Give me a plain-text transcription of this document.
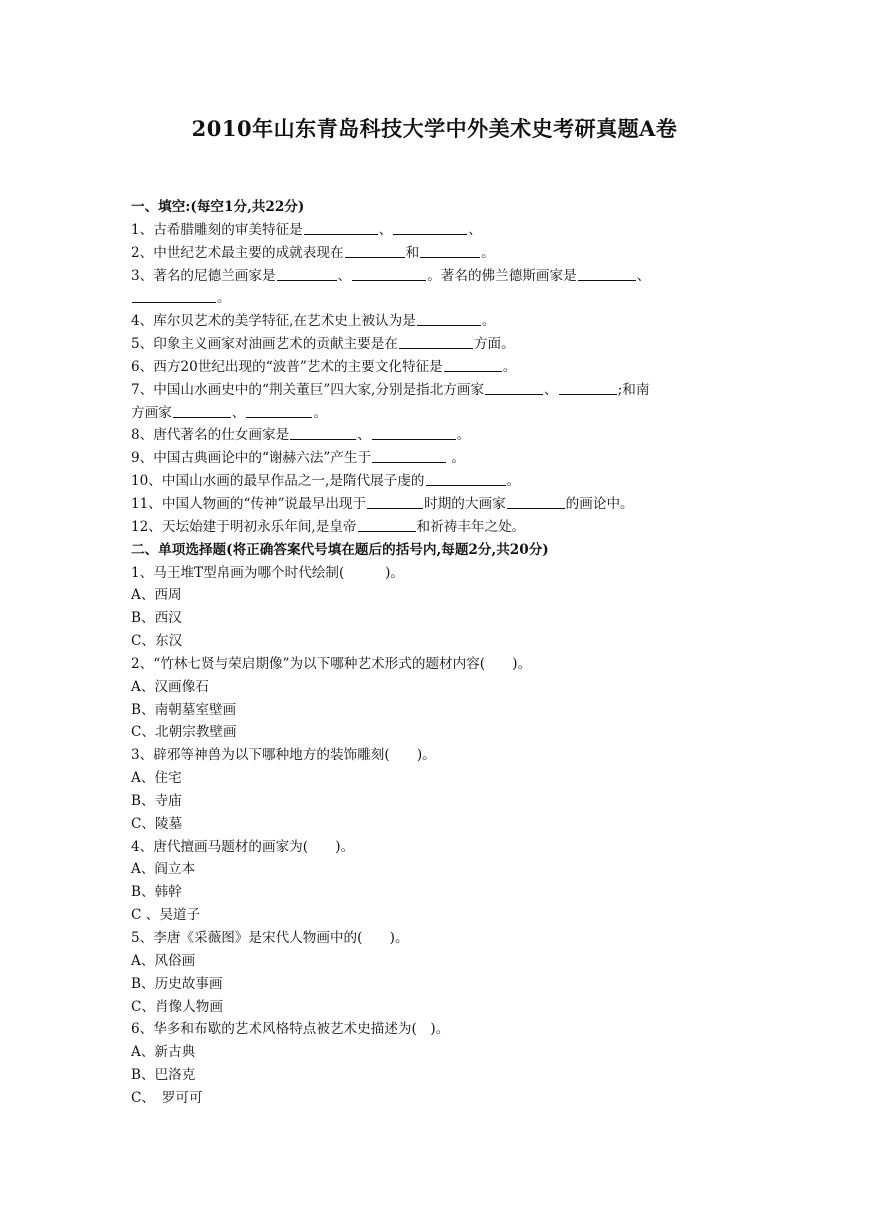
2010年山东青岛科技大学中外美术史考研真题A卷
一、填空:(每空1分,共22分)
1、古希腊雕刻的审美特征是	、	、
2、中世纪艺术最主要的成就表现在	和	。
3、著名的尼德兰画家是	、	。著名的佛兰德斯画家是	、
。
4、库尔贝艺术的美学特征,在艺术史上被认为是	。
5、印象主义画家对油画艺术的贡献主要是在	方面。
6、西方20世纪出现的“波普”艺术的主要文化特征是	。
7、中国山水画史中的“荆关董巨”四大家,分别是指北方画家	、	;和南
方画家	、	。
8、唐代著名的仕女画家是	、	。
9、中国古典画论中的“谢赫六法”产生于	。
10、中国山水画的最早作品之一,是隋代展子虔的	。
11、中国人物画的“传神”说最早出现于	时期的大画家	的画论中。
12、天坛始建于明初永乐年间,是皇帝	和祈祷丰年之处。
二、单项选择题(将正确答案代号填在题后的括号内,每题2分,共20分)
1、马王堆T型帛画为哪个时代绘制(　　　)。
A、西周
B、西汉
C、东汉
2、“竹林七贤与荣启期像”为以下哪种艺术形式的题材内容(　　)。
A、汉画像石
B、南朝墓室壁画
C、北朝宗教壁画
3、辟邪等神兽为以下哪种地方的装饰雕刻(　　)。
A、住宅
B、寺庙
C、陵墓
4、唐代擅画马题材的画家为(　　)。
A、阎立本
B、韩幹
C 、吴道子
5、李唐《采薇图》是宋代人物画中的(　　)。
A、风俗画
B、历史故事画
C、肖像人物画
6、华多和布歇的艺术风格特点被艺术史描述为(　)。
A、新古典
B、巴洛克
C、　罗可可
